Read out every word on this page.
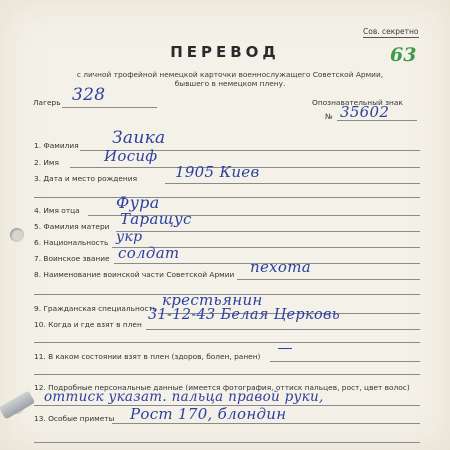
Сов. секретно
63
ПЕРЕВОД
с личной трофейной немецкой карточки военнослужащего Советской Армии,
бывшего в немецком плену.
Лагерь 328	Опознавательный знак
№ 35602
1. Фамилия Заика
2. Имя	Иосиф
3. Дата и место рождения	1905 Киев
4. Имя отца Фура
5. Фамилия матери Таращус
6. Национальность укр
7. Воинское звание солдат
8. Наименование воинской части Советской Армии пехота
9. Гражданская специальность крестьянин
10. Когда и где взят в плен
31-12-43 Белая Церковь
11. В каком состоянии взят в плен (здоров, болен, ранен)
12. Подробные персональные данные (имеется фотография, оттиск пальцев, рост, цвет волос)
оттиск указат. пальца правой руки,
13. Особые приметы Рост 170, блондин
